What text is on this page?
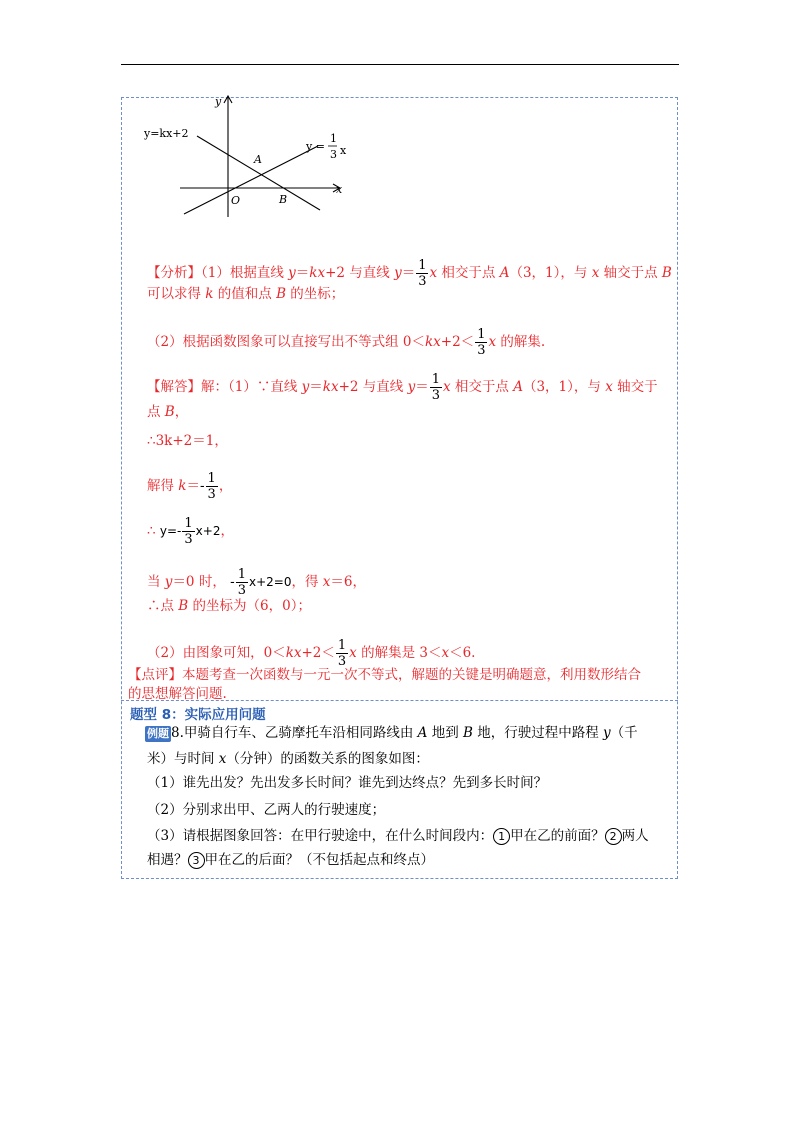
y
x
O
A
B
y=kx+2
y =
1
3 x
【分析】（1）根据直线 y＝kx+2 与直线 $y= \frac{1}{3}$ x 相交于点 A（3，1），与 x 轴交于点 B
可以求得 k 的值和点 B 的坐标；
（2）根据函数图象可以直接写出不等式组 $0<kx+2< \frac{1}{3}$ x 的解集.
【解答】解：（1）∵直线 y＝kx+2 与直线 $y= \frac{1}{3}$ x 相交于点 A（3，1），与 x 轴交于
点 B，
∴3k+2＝1，
解得 $k=- \frac{1}{3}$ ，
∴ $y=- \frac{1}{3} x+2$，
当 y＝0 时， - $\frac{1}{3} x+2=0$，得 x＝6，
∴点 B 的坐标为（6，0）；
（2）由图象可知，$0<kx+2< \frac{1}{3}$ x 的解集是 3＜x＜6.
【点评】本题考查一次函数与一元一次不等式，解题的关键是明确题意，利用数形结合
的思想解答问题.
题型 8：实际应用问题
例题 8.甲骑自行车、乙骑摩托车沿相同路线由 A 地到 B 地，行驶过程中路程 y（千
米）与时间 x（分钟）的函数关系的图象如图：
（1）谁先出发？先出发多长时间？谁先到达终点？先到多长时间？
（2）分别求出甲、乙两人的行驶速度；
（3）请根据图象回答：在甲行驶途中，在什么时间段内： 1 甲在乙的前面？ 2 两人
相遇？ 3 甲在乙的后面？（不包括起点和终点）
